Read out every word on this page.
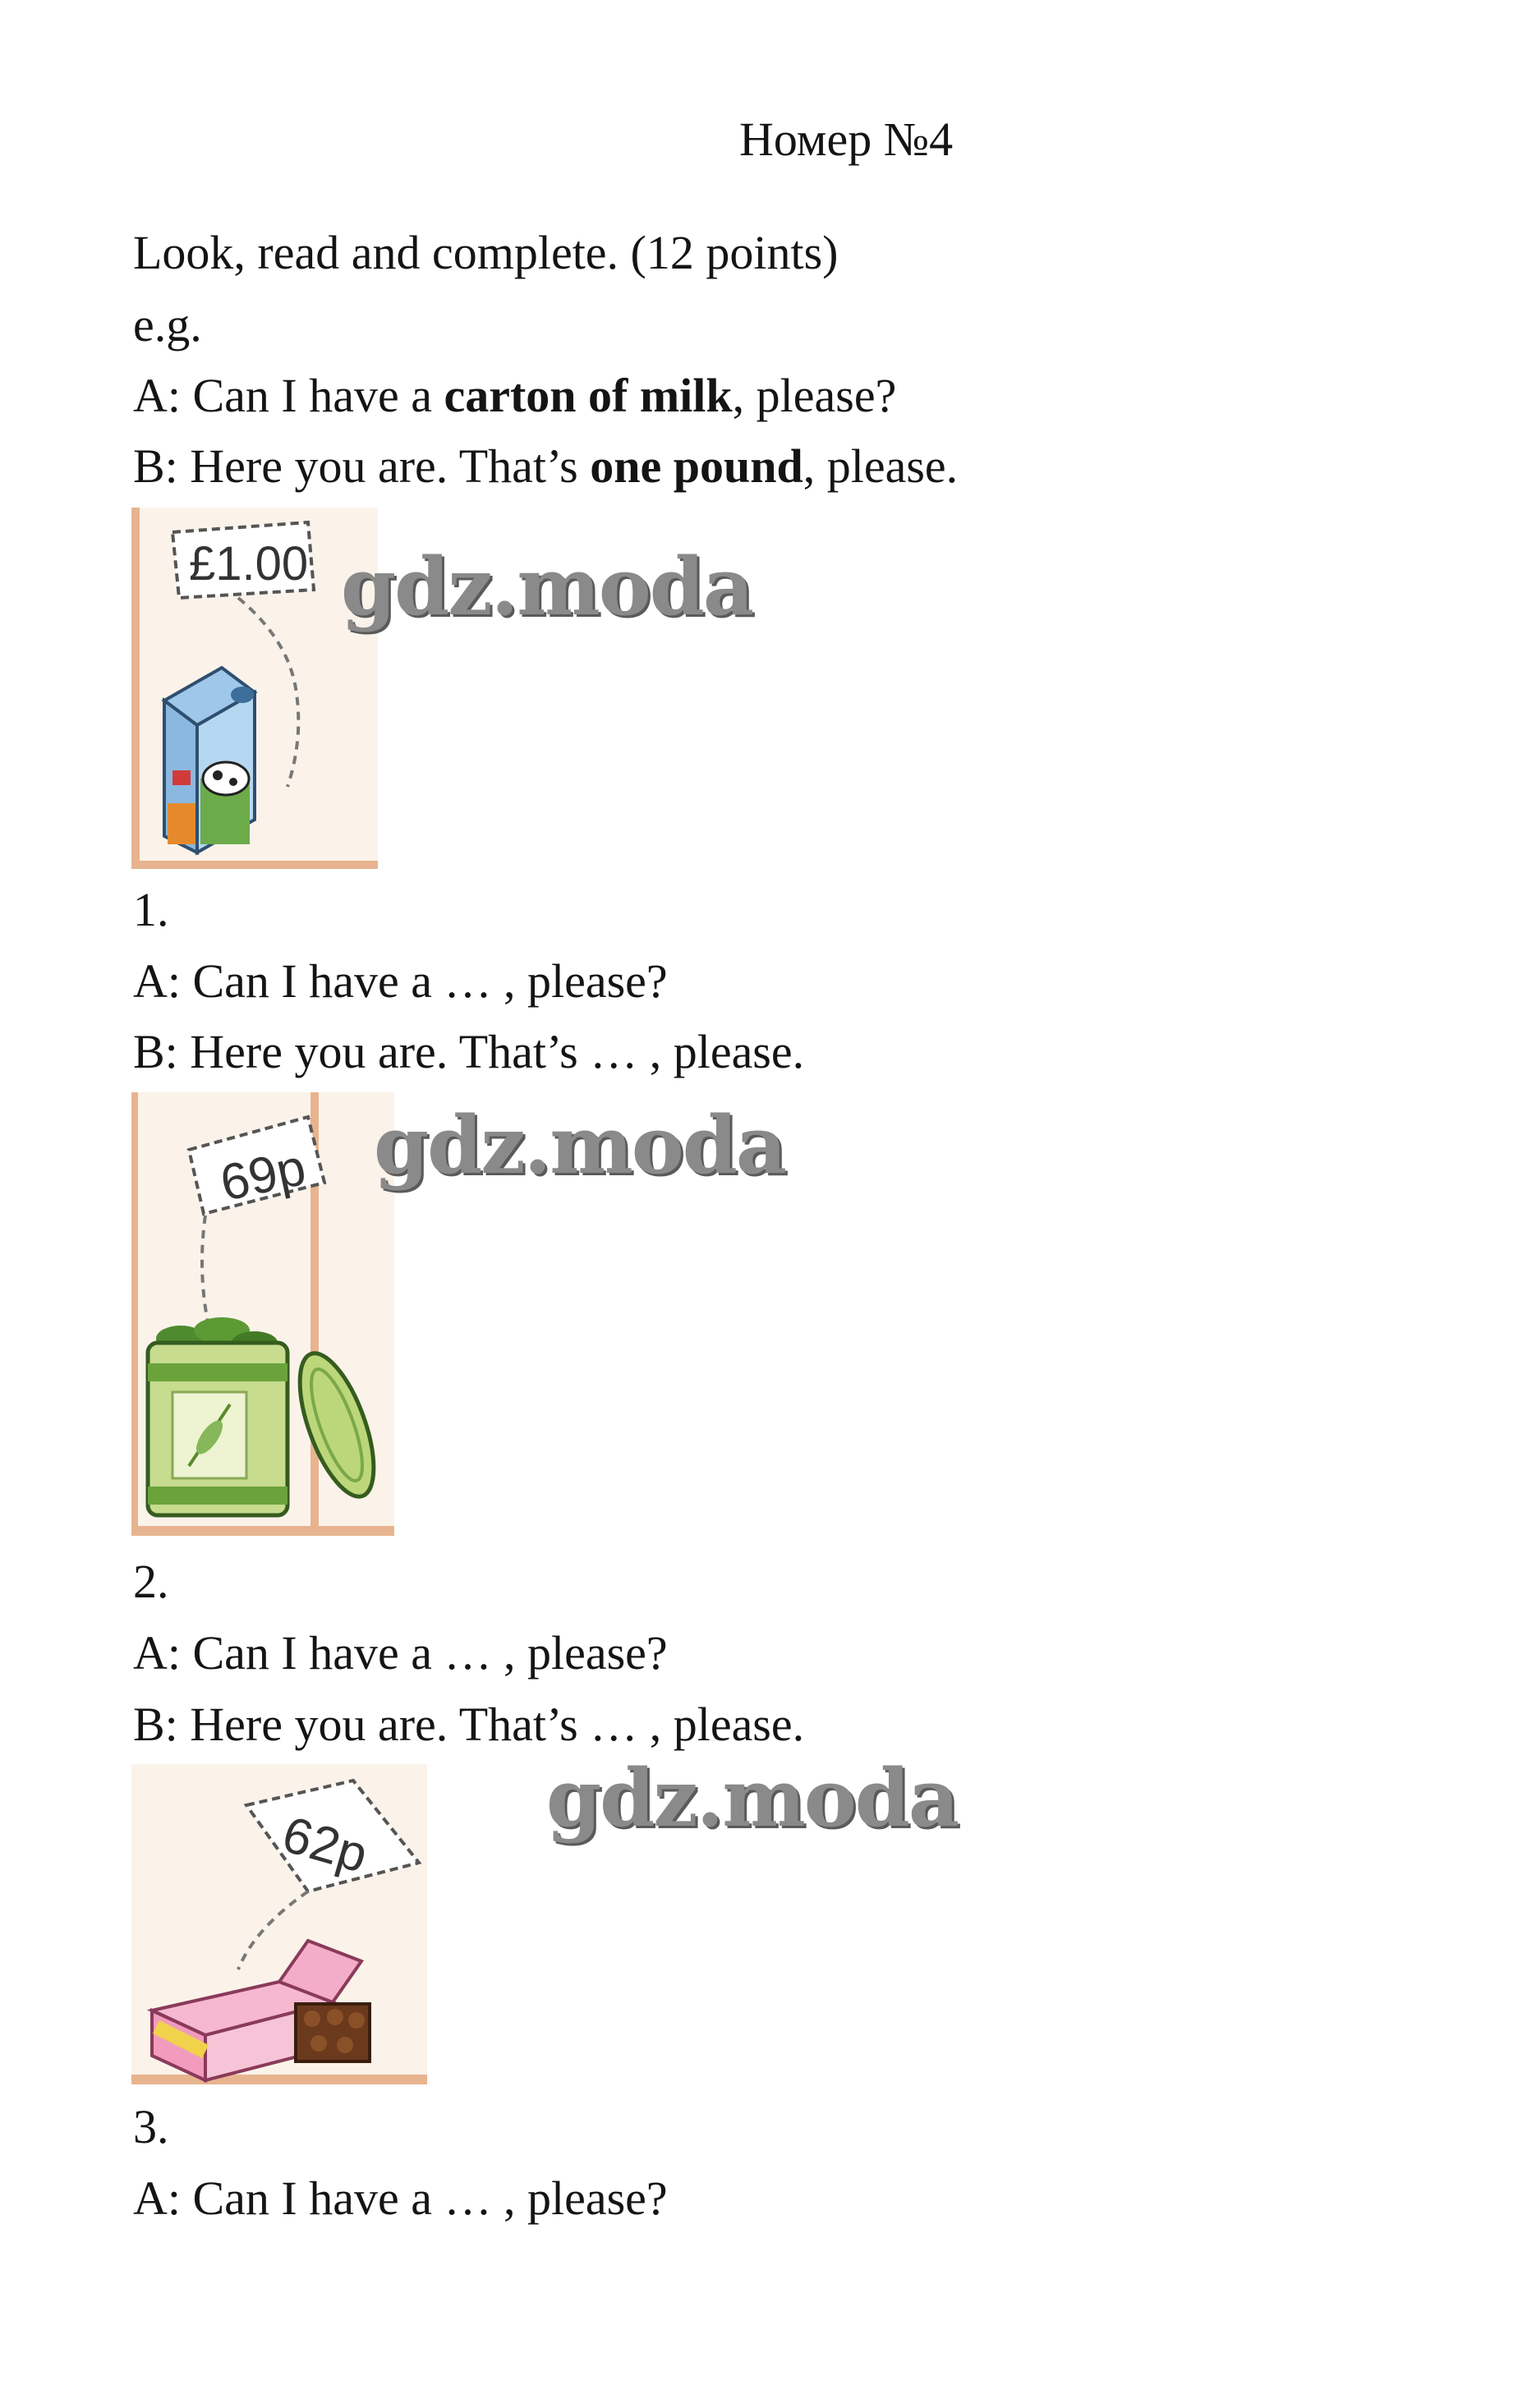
Номер №4
Look, read and complete. (12 points)
e.g.
A: Can I have a carton of milk, please?
B: Here you are. That’s one pound, please.
£1.00 gdz.moda
1.
A: Can I have a … , please?
B: Here you are. That’s … , please.
69p gdz.moda
2.
A: Can I have a … , please?
B: Here you are. That’s … , please.
62p
gdz.moda
3.
A: Can I have a … , please?
